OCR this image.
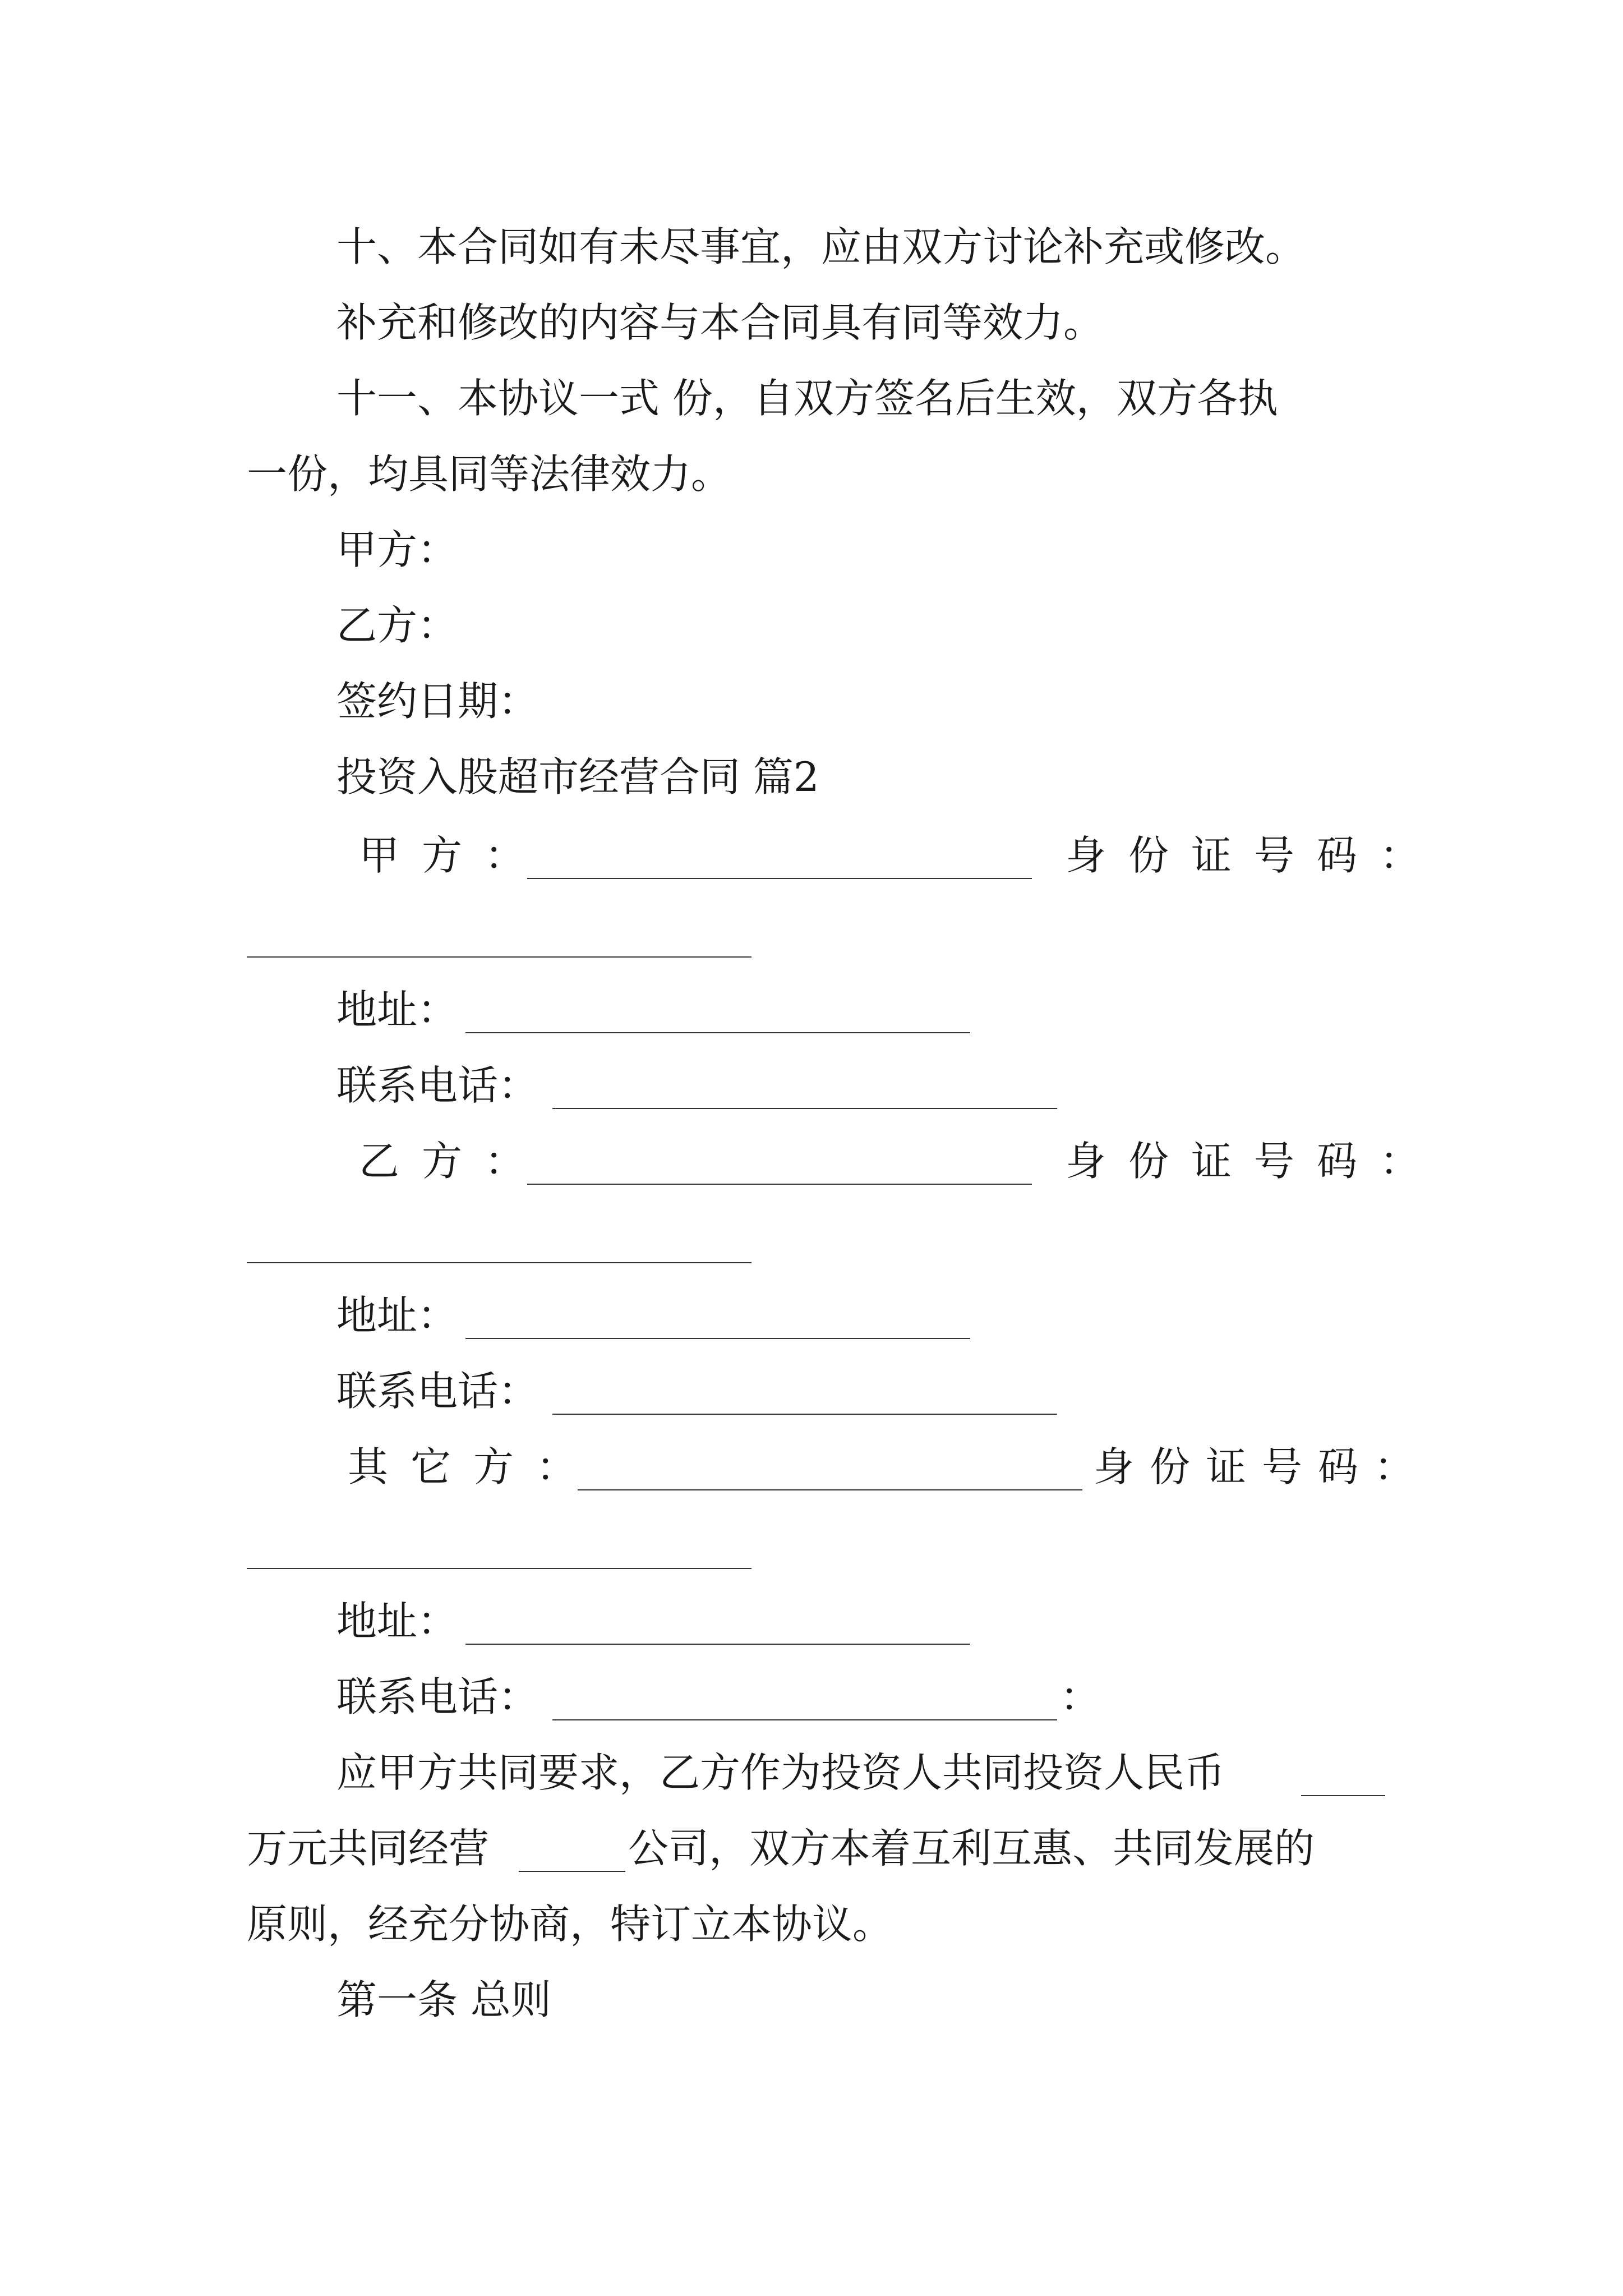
十、本合同如有未尽事宜，应由双方讨论补充或修改。
补充和修改的内容与本合同具有同等效力。
十一、本协议一式 份，自双方签名后生效，双方各执
一份，均具同等法律效力。
甲方：
乙方：
签约日期：
投资入股超市经营合同 篇2
甲方：	身份证号码：
地址：
联系电话：
乙方：	身份证号码：
地址：
联系电话：
其它方：	身份证号码：
地址：
联系电话：	：
应甲方共同要求，乙方作为投资人共同投资人民币
万元共同经营	公司，双方本着互利互惠、共同发展的
原则，经充分协商，特订立本协议。
第一条 总则
